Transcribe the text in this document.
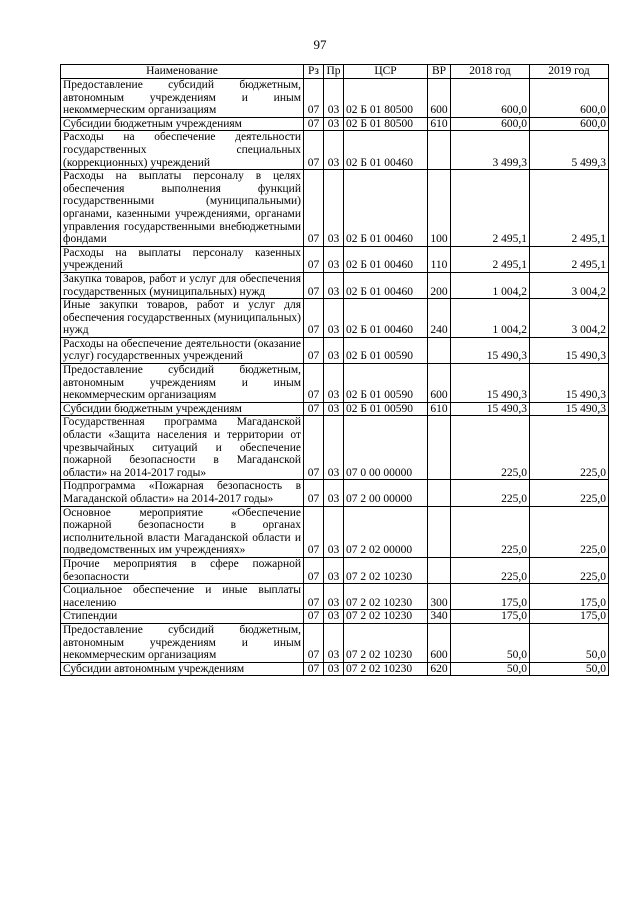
97
Наименование	Рз	Пр	ЦСР	ВР	2018 год	2019 год
Предоставление субсидий бюджетным, автономным учреждениям и иным некоммерческим организациям	07	03	02 Б 01 80500	600	600,0	600,0
Субсидии бюджетным учреждениям	07	03	02 Б 01 80500	610	600,0	600,0
Расходы на обеспечение деятельности государственных специальных (коррекционных) учреждений	07	03	02 Б 01 00460		3 499,3	5 499,3
Расходы на выплаты персоналу в целях обеспечения выполнения функций государственными (муниципальными) органами, казенными учреждениями, органами управления государственными внебюджетными фондами	07	03	02 Б 01 00460	100	2 495,1	2 495,1
Расходы на выплаты персоналу казенных учреждений	07	03	02 Б 01 00460	110	2 495,1	2 495,1
Закупка товаров, работ и услуг для обеспечения государственных (муниципальных) нужд	07	03	02 Б 01 00460	200	1 004,2	3 004,2
Иные закупки товаров, работ и услуг для обеспечения государственных (муниципальных) нужд	07	03	02 Б 01 00460	240	1 004,2	3 004,2
Расходы на обеспечение деятельности (оказание услуг) государственных учреждений	07	03	02 Б 01 00590		15 490,3	15 490,3
Предоставление субсидий бюджетным, автономным учреждениям и иным некоммерческим организациям	07	03	02 Б 01 00590	600	15 490,3	15 490,3
Субсидии бюджетным учреждениям	07	03	02 Б 01 00590	610	15 490,3	15 490,3
Государственная программа Магаданской области «Защита населения и территории от чрезвычайных ситуаций и обеспечение пожарной безопасности в Магаданской области» на 2014-2017 годы»	07	03	07 0 00 00000		225,0	225,0
Подпрограмма «Пожарная безопасность в Магаданской области» на 2014-2017 годы»	07	03	07 2 00 00000		225,0	225,0
Основное мероприятие «Обеспечение пожарной безопасности в органах исполнительной власти Магаданской области и подведомственных им учреждениях»	07	03	07 2 02 00000		225,0	225,0
Прочие мероприятия в сфере пожарной безопасности	07	03	07 2 02 10230		225,0	225,0
Социальное обеспечение и иные выплаты населению	07	03	07 2 02 10230	300	175,0	175,0
Стипендии	07	03	07 2 02 10230	340	175,0	175,0
Предоставление субсидий бюджетным, автономным учреждениям и иным некоммерческим организациям	07	03	07 2 02 10230	600	50,0	50,0
Субсидии автономным учреждениям	07	03	07 2 02 10230	620	50,0	50,0
